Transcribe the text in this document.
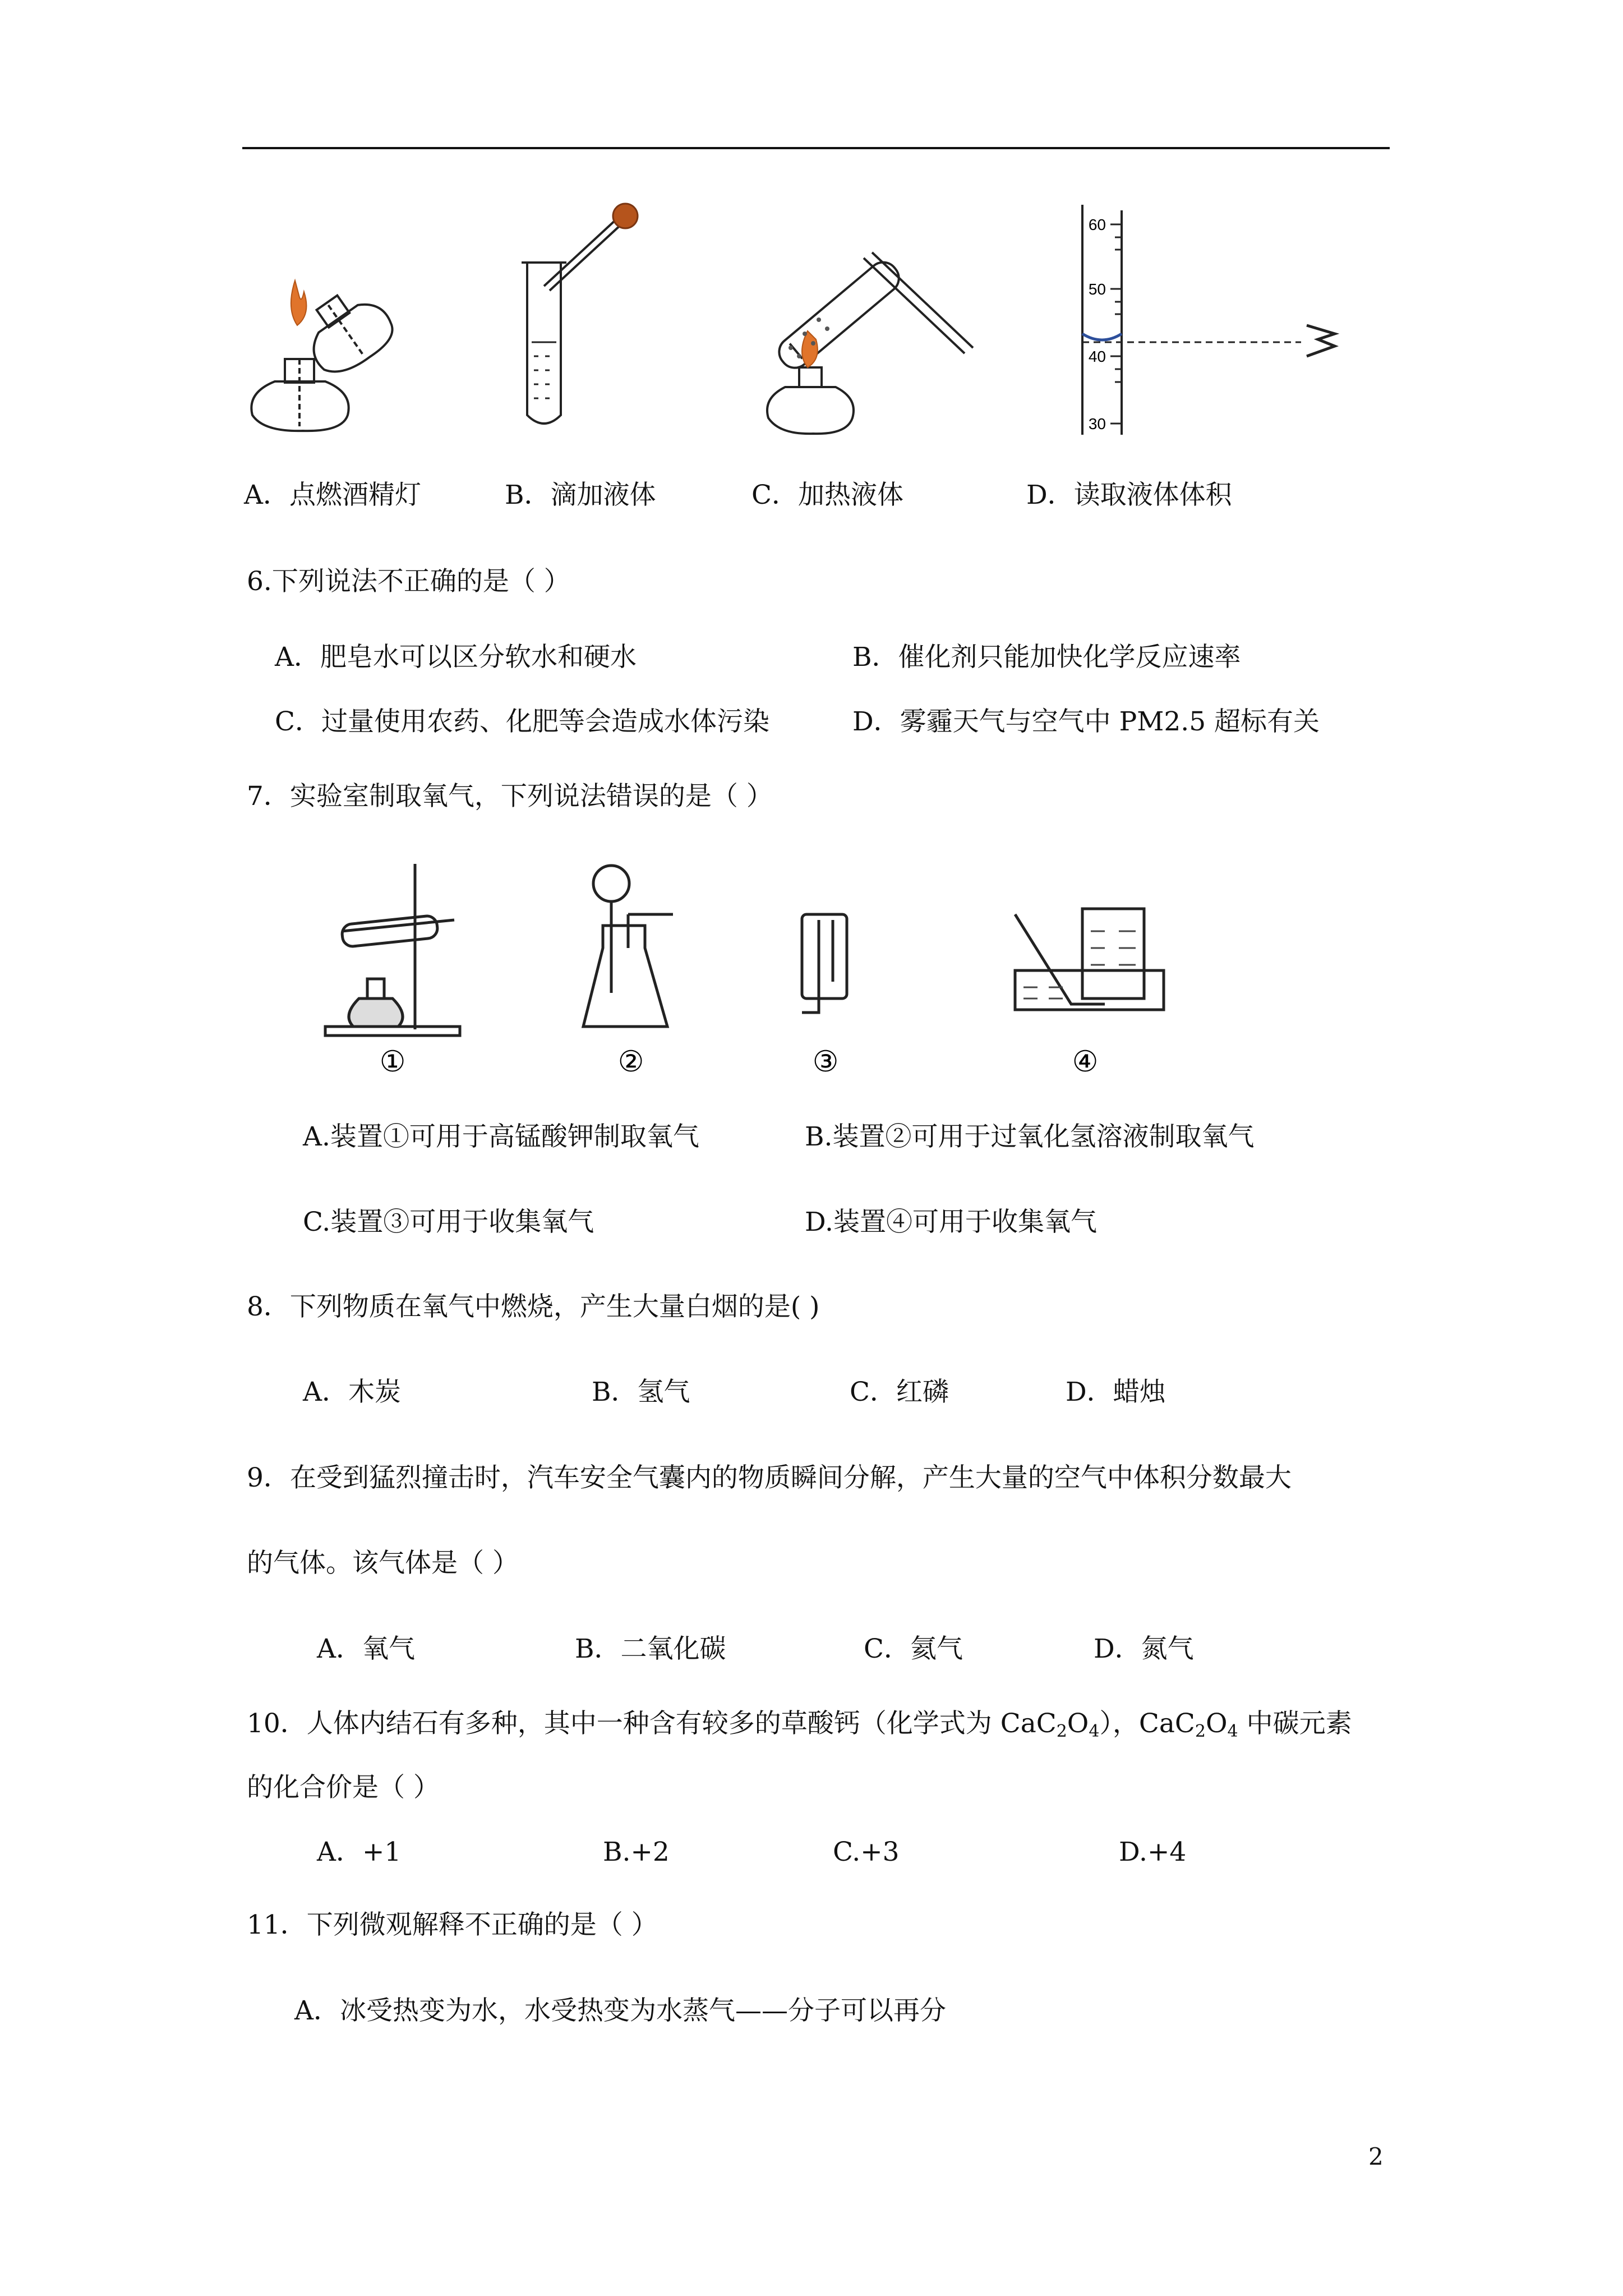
60
50
40
30
A．点燃酒精灯	B．滴加液体	C．加热液体	D．读取液体体积
6.下列说法不正确的是（ ）
A．肥皂水可以区分软水和硬水	B．催化剂只能加快化学反应速率
C．过量使用农药、化肥等会造成水体污染	D．雾霾天气与空气中 PM2.5 超标有关
7．实验室制取氧气，下列说法错误的是（ ）
①	②	③	④
A.装置①可用于高锰酸钾制取氧气	B.装置②可用于过氧化氢溶液制取氧气
C.装置③可用于收集氧气	D.装置④可用于收集氧气
8．下列物质在氧气中燃烧，产生大量白烟的是( )
A．木炭	B．氢气	C．红磷	D．蜡烛
9．在受到猛烈撞击时，汽车安全气囊内的物质瞬间分解，产生大量的空气中体积分数最大
的气体。该气体是（ ）
A．氧气	B．二氧化碳	C．氦气	D．氮气
10．人体内结石有多种，其中一种含有较多的草酸钙（化学式为 $CaC_2O_4$），$CaC_2O_4$ 中碳元素
的化合价是（ ）
A．+1	B.+2	C.+3	D.+4
11．下列微观解释不正确的是（ ）
A．冰受热变为水，水受热变为水蒸气——分子可以再分
2
